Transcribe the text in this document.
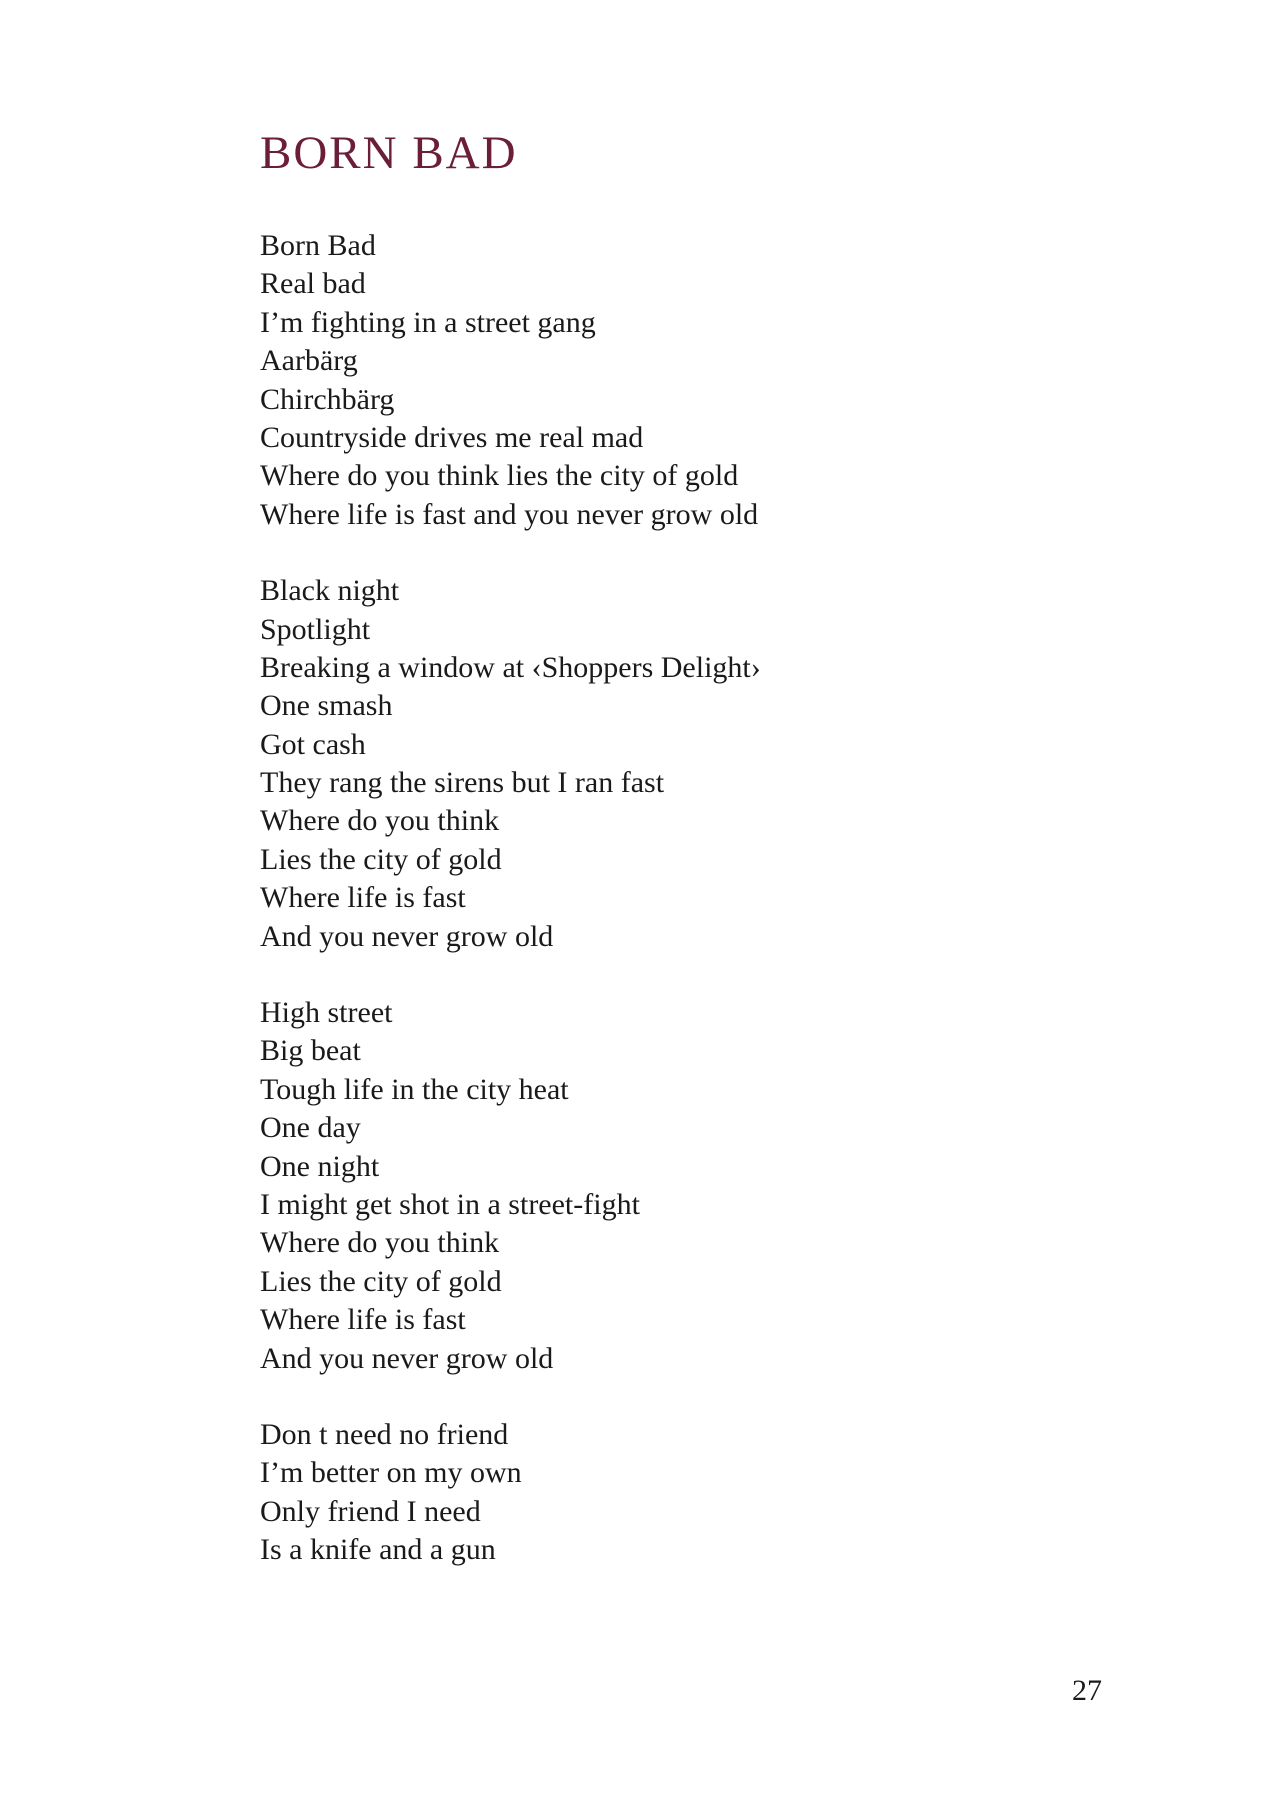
BORN BAD
Born Bad
Real bad
I’m fighting in a street gang
Aarbärg
Chirchbärg
Countryside drives me real mad
Where do you think lies the city of gold
Where life is fast and you never grow old
Black night
Spotlight
Breaking a window at ‹Shoppers Delight›
One smash
Got cash
They rang the sirens but I ran fast
Where do you think
Lies the city of gold
Where life is fast
And you never grow old
High street
Big beat
Tough life in the city heat
One day
One night
I might get shot in a street-fight
Where do you think
Lies the city of gold
Where life is fast
And you never grow old
Don t need no friend
I’m better on my own
Only friend I need
Is a knife and a gun
27
